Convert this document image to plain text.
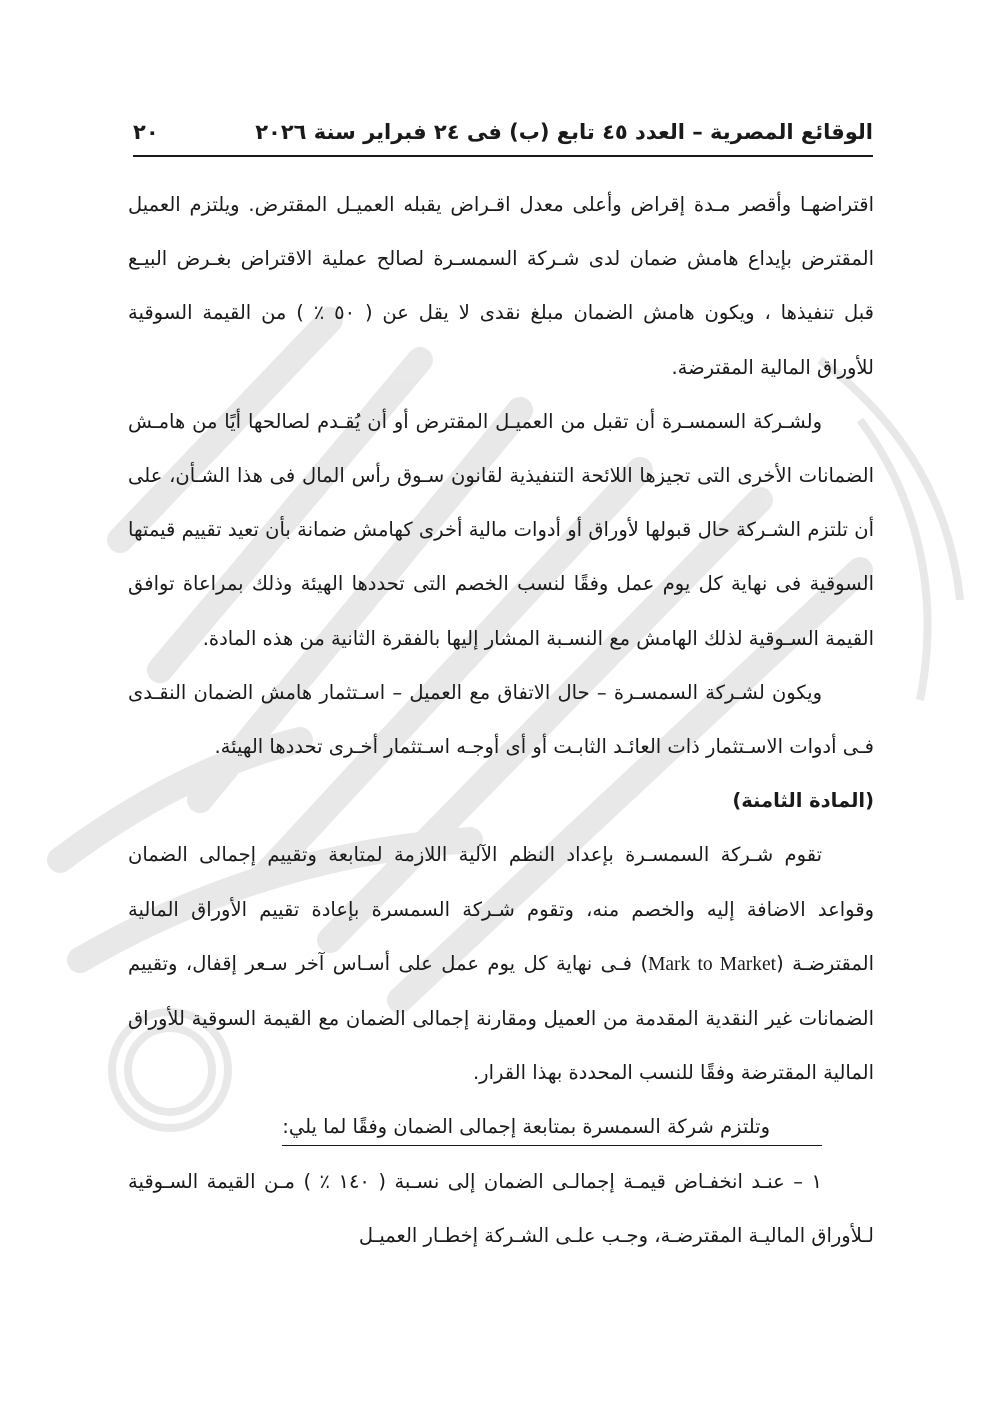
الوقائع المصرية – العدد ٤٥ تابع (ب) فى ٢٤ فبراير سنة ٢٠٢٦
٢٠

اقتراضهـا وأقصر مـدة إقراض وأعلى معدل اقـراض يقبله العميـل المقترض. ويلتزم العميل المقترض بإيداع هامش ضمان لدى شـركة السمسـرة لصالح عملية الاقتراض بغـرض البيـع قبل تنفيذها ، ويكون هامش الضمان مبلغ نقدى لا يقل عن ( ٥٠ ٪ ) من القيمة السوقية للأوراق المالية المقترضة.

ولشـركة السمسـرة أن تقبل من العميـل المقترض أو أن يُقـدم لصالحها أيًا من هامـش الضمانات الأخرى التى تجيزها اللائحة التنفيذية لقانون سـوق رأس المال فى هذا الشـأن، على أن تلتزم الشـركة حال قبولها لأوراق أو أدوات مالية أخرى كهامش ضمانة بأن تعيد تقييم قيمتها السوقية فى نهاية كل يوم عمل وفقًا لنسب الخصم التى تحددها الهيئة وذلك بمراعاة توافق القيمة السـوقية لذلك الهامش مع النسـبة المشار إليها بالفقرة الثانية من هذه المادة.

ويكون لشـركة السمسـرة – حال الاتفاق مع العميل – اسـتثمار هامش الضمان النقـدى فـى أدوات الاسـتثمار ذات العائـد الثابـت أو أى أوجـه اسـتثمار أخـرى تحددها الهيئة.

(المادة الثامنة)

تقوم شـركة السمسـرة بإعداد النظم الآلية اللازمة لمتابعة وتقييم إجمالى الضمان وقواعد الاضافة إليه والخصم منه، وتقوم شـركة السمسرة بإعادة تقييم الأوراق المالية المقترضـة (Mark to Market) فـى نهاية كل يوم عمل على أسـاس آخر سـعر إقفال، وتقييم الضمانات غير النقدية المقدمة من العميل ومقارنة إجمالى الضمان مع القيمة السوقية للأوراق المالية المقترضة وفقًا للنسب المحددة بهذا القرار.

وتلتزم شركة السمسرة بمتابعة إجمالى الضمان وفقًا لما يلي:

١ – عنـد انخفـاض قيمـة إجمالـى الضمان إلى نسـبة ( ١٤٠ ٪ ) مـن القيمة السـوقية لـلأوراق الماليـة المقترضـة، وجـب علـى الشـركة إخطـار العميـل
